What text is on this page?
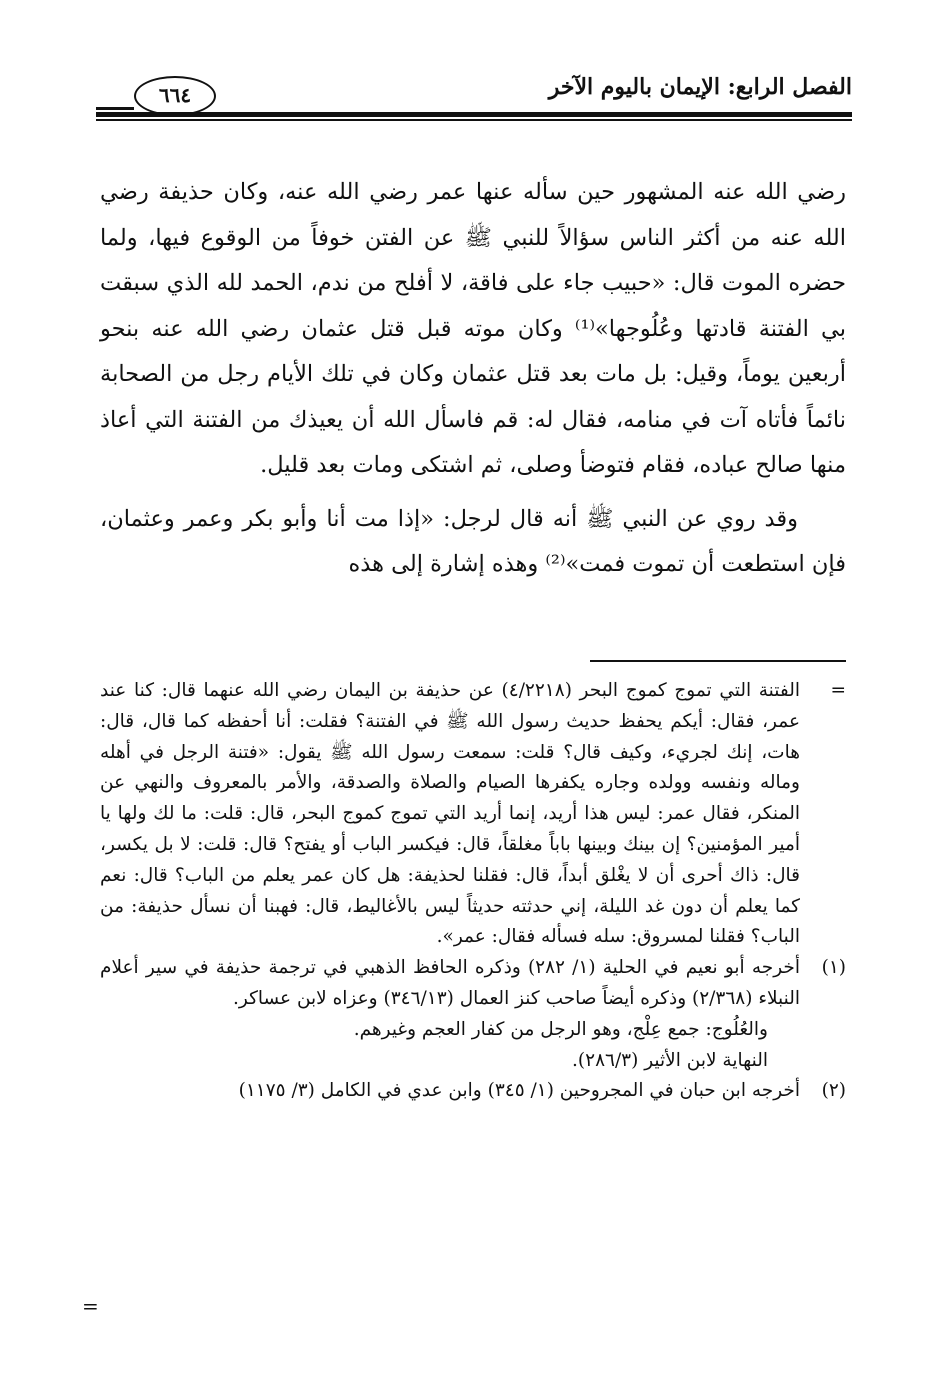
الفصل الرابع: الإيمان باليوم الآخر
٦٦٤

رضي الله عنه المشهور حين سأله عنها عمر رضي الله عنه، وكان حذيفة رضي الله عنه من أكثر الناس سؤالاً للنبي ﷺ عن الفتن خوفاً من الوقوع فيها، ولما حضره الموت قال: «حبيب جاء على فاقة، لا أفلح من ندم، الحمد لله الذي سبقت بي الفتنة قادتها وعُلُوجها»⁽¹⁾ وكان موته قبل قتل عثمان رضي الله عنه بنحو أربعين يوماً، وقيل: بل مات بعد قتل عثمان وكان في تلك الأيام رجل من الصحابة نائماً فأتاه آت في منامه، فقال له: قم فاسأل الله أن يعيذك من الفتنة التي أعاذ منها صالح عباده، فقام فتوضأ وصلى، ثم اشتكى ومات بعد قليل.

وقد روي عن النبي ﷺ أنه قال لرجل: «إذا مت أنا وأبو بكر وعمر وعثمان، فإن استطعت أن تموت فمت»⁽²⁾ وهذه إشارة إلى هذه

=
الفتنة التي تموج كموج البحر (٤/٢٢١٨) عن حذيفة بن اليمان رضي الله عنهما قال: كنا عند عمر، فقال: أيكم يحفظ حديث رسول الله ﷺ في الفتنة؟ فقلت: أنا أحفظه كما قال، قال: هات، إنك لجريء، وكيف قال؟ قلت: سمعت رسول الله ﷺ يقول: «فتنة الرجل في أهله وماله ونفسه وولده وجاره يكفرها الصيام والصلاة والصدقة، والأمر بالمعروف والنهي عن المنكر، فقال عمر: ليس هذا أريد، إنما أريد التي تموج كموج البحر، قال: قلت: ما لك ولها يا أمير المؤمنين؟ إن بينك وبينها باباً مغلقاً، قال: فيكسر الباب أو يفتح؟ قال: قلت: لا بل يكسر، قال: ذاك أحرى أن لا يغْلق أبداً، قال: فقلنا لحذيفة: هل كان عمر يعلم من الباب؟ قال: نعم كما يعلم أن دون غد الليلة، إني حدثته حديثاً ليس بالأغاليط، قال: فهبنا أن نسأل حذيفة: من الباب؟ فقلنا لمسروق: سله فسأله فقال: عمر».
(١)
أخرجه أبو نعيم في الحلية (١/ ٢٨٢) وذكره الحافظ الذهبي في ترجمة حذيفة في سير أعلام النبلاء (٢/٣٦٨) وذكره أيضاً صاحب كنز العمال (٣٤٦/١٣) وعزاه لابن عساكر.
والعُلُوج: جمع عِلْج، وهو الرجل من كفار العجم وغيرهم.
النهاية لابن الأثير (٢٨٦/٣).
(٢)
أخرجه ابن حبان في المجروحين (١/ ٣٤٥) وابن عدي في الكامل (٣/ ١١٧٥)
=
